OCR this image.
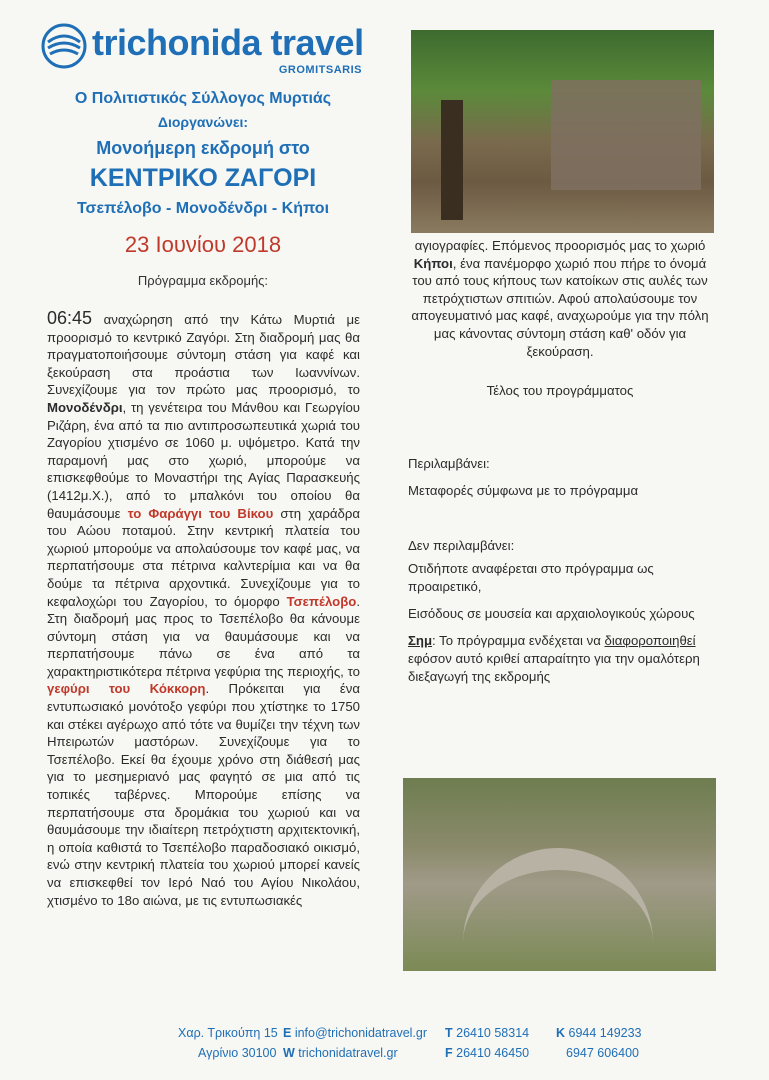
trichonida travel
GROMITSARIS
Ο Πολιτιστικός Σύλλογος Μυρτιάς
Διοργανώνει:
Μονοήμερη εκδρομή στο
ΚΕΝΤΡΙΚΟ ΖΑΓΟΡΙ
Τσεπέλοβο - Μονοδένδρι - Κήποι
23 Ιουνίου 2018
Πρόγραμμα εκδρομής:
06:45 αναχώρηση από την Κάτω Μυρτιά με προορισμό το κεντρικό Ζαγόρι. Στη διαδρομή μας θα πραγματοποιήσουμε σύντομη στάση για καφέ και ξεκούραση στα προάστια των Ιωαννίνων. Συνεχίζουμε για τον πρώτο μας προορισμό, το Μονοδένδρι, τη γενέτειρα του Μάνθου και Γεωργίου Ριζάρη, ένα από τα πιο αντιπροσωπευτικά χωριά του Ζαγορίου χτισμένο σε 1060 μ. υψόμετρο. Κατά την παραμονή μας στο χωριό, μπορούμε να επισκεφθούμε το Μοναστήρι της Αγίας Παρασκευής (1412μ.Χ.), από το μπαλκόνι του οποίου θα θαυμάσουμε το Φαράγγι του Βίκου στη χαράδρα του Αώου ποταμού. Στην κεντρική πλατεία του χωριού μπορούμε να απολαύσουμε τον καφέ μας, να περπατήσουμε στα πέτρινα καλντερίμια και να θα δούμε τα πέτρινα αρχοντικά. Συνεχίζουμε για το κεφαλοχώρι του Ζαγορίου, το όμορφο Τσεπέλοβο. Στη διαδρομή μας προς το Τσεπέλοβο θα κάνουμε σύντομη στάση για να θαυμάσουμε και να περπατήσουμε πάνω σε ένα από τα χαρακτηριστικότερα πέτρινα γεφύρια της περιοχής, το γεφύρι του Κόκκορη. Πρόκειται για ένα εντυπωσιακό μονότοξο γεφύρι που χτίστηκε το 1750 και στέκει αγέρωχο από τότε να θυμίζει την τέχνη των Ηπειρωτών μαστόρων. Συνεχίζουμε για το Τσεπέλοβο. Εκεί θα έχουμε χρόνο στη διάθεσή μας για το μεσημεριανό μας φαγητό σε μια από τις τοπικές ταβέρνες. Μπορούμε επίσης να περπατήσουμε στα δρομάκια του χωριού και να θαυμάσουμε την ιδιαίτερη πετρόχτιστη αρχιτεκτονική, η οποία καθιστά το Τσεπέλοβο παραδοσιακό οικισμό, ενώ στην κεντρική πλατεία του χωριού μπορεί κανείς να επισκεφθεί τον Ιερό Ναό του Αγίου Νικολάου, χτισμένο το 18ο αιώνα, με τις εντυπωσιακές
αγιογραφίες. Επόμενος προορισμός μας το χωριό Κήποι, ένα πανέμορφο χωριό που πήρε το όνομά του από τους κήπους των κατοίκων στις αυλές των πετρόχτιστων σπιτιών. Αφού απολαύσουμε τον απογευματινό μας καφέ, αναχωρούμε για την πόλη μας κάνοντας σύντομη στάση καθ' οδόν για ξεκούραση.
Τέλος του προγράμματος
Περιλαμβάνει:
Μεταφορές σύμφωνα με το πρόγραμμα
Δεν περιλαμβάνει:
Οτιδήποτε αναφέρεται στο πρόγραμμα ως προαιρετικό,
Εισόδους σε μουσεία και αρχαιολογικούς χώρους
Σημ: Το πρόγραμμα ενδέχεται να διαφοροποιηθεί εφόσον αυτό κριθεί απαραίτητο για την ομαλότερη διεξαγωγή της εκδρομής
Χαρ. Τρικούπη 15
Αγρίνιο 30100
E info@trichonidatravel.gr
W trichonidatravel.gr
T 26410 58314
F 26410 46450
K 6944 149233
6947 606400
